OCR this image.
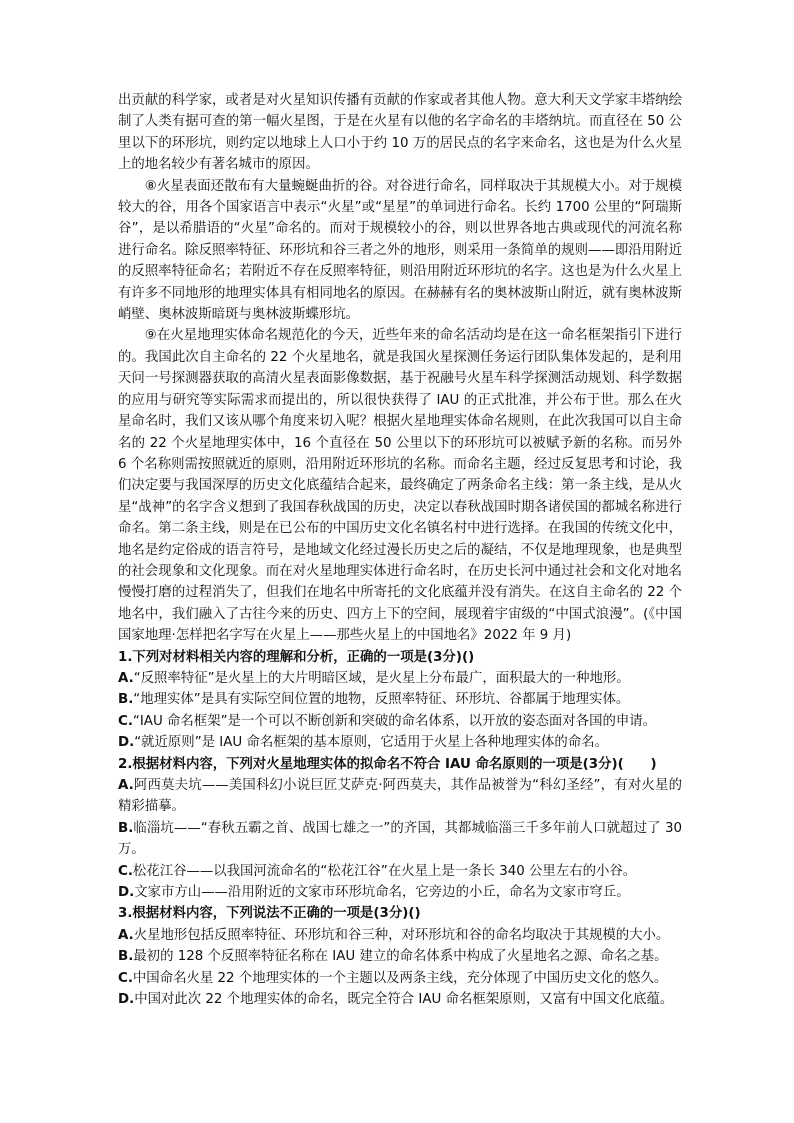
出贡献的科学家，或者是对火星知识传播有贡献的作家或者其他人物。意大利天文学家丰塔纳绘制了人类有据可查的第一幅火星图，于是在火星有以他的名字命名的丰塔纳坑。而直径在 50 公里以下的环形坑，则约定以地球上人口小于约 10 万的居民点的名字来命名，这也是为什么火星上的地名较少有著名城市的原因。

⑧火星表面还散布有大量蜿蜒曲折的谷。对谷进行命名，同样取决于其规模大小。对于规模较大的谷，用各个国家语言中表示“火星”或“星星”的单词进行命名。长约 1700 公里的“阿瑞斯谷”，是以希腊语的“火星”命名的。而对于规模较小的谷，则以世界各地古典或现代的河流名称进行命名。除反照率特征、环形坑和谷三者之外的地形，则采用一条简单的规则——即沿用附近的反照率特征命名；若附近不存在反照率特征，则沿用附近环形坑的名字。这也是为什么火星上有许多不同地形的地理实体具有相同地名的原因。在赫赫有名的奥林波斯山附近，就有奥林波斯峭壁、奥林波斯暗斑与奥林波斯蝶形坑。

⑨在火星地理实体命名规范化的今天，近些年来的命名活动均是在这一命名框架指引下进行的。我国此次自主命名的 22 个火星地名，就是我国火星探测任务运行团队集体发起的，是利用天问一号探测器获取的高清火星表面影像数据，基于祝融号火星车科学探测活动规划、科学数据的应用与研究等实际需求而提出的，所以很快获得了 IAU 的正式批准，并公布于世。那么在火星命名时，我们又该从哪个角度来切入呢？根据火星地理实体命名规则，在此次我国可以自主命名的 22 个火星地理实体中，16 个直径在 50 公里以下的环形坑可以被赋予新的名称。而另外 6 个名称则需按照就近的原则，沿用附近环形坑的名称。而命名主题，经过反复思考和讨论，我们决定要与我国深厚的历史文化底蕴结合起来，最终确定了两条命名主线：第一条主线，是从火星“战神”的名字含义想到了我国春秋战国的历史，决定以春秋战国时期各诸侯国的都城名称进行命名。第二条主线，则是在已公布的中国历史文化名镇名村中进行选择。在我国的传统文化中，地名是约定俗成的语言符号，是地域文化经过漫长历史之后的凝结，不仅是地理现象，也是典型的社会现象和文化现象。而在对火星地理实体进行命名时，在历史长河中通过社会和文化对地名慢慢打磨的过程消失了，但我们在地名中所寄托的文化底蕴并没有消失。在这自主命名的 22 个地名中，我们融入了古往今来的历史、四方上下的空间，展现着宇宙级的“中国式浪漫”。(《中国国家地理·怎样把名字写在火星上——那些火星上的中国地名》2022 年 9 月)

1.下列对材料相关内容的理解和分析，正确的一项是(3分)()

A.“反照率特征”是火星上的大片明暗区域，是火星上分布最广，面积最大的一种地形。

B.“地理实体”是具有实际空间位置的地物，反照率特征、环形坑、谷都属于地理实体。

C.“IAU 命名框架”是一个可以不断创新和突破的命名体系，以开放的姿态面对各国的申请。

D.“就近原则”是 IAU 命名框架的基本原则，它适用于火星上各种地理实体的命名。

2.根据材料内容，下列对火星地理实体的拟命名不符合 IAU 命名原则的一项是(3分)(　　)

A.阿西莫夫坑——美国科幻小说巨匠艾萨克·阿西莫夫，其作品被誉为“科幻圣经”，有对火星的精彩描摹。

B.临淄坑——“春秋五霸之首、战国七雄之一”的齐国，其都城临淄三千多年前人口就超过了 30 万。

C.松花江谷——以我国河流命名的“松花江谷”在火星上是一条长 340 公里左右的小谷。

D.文家市方山——沿用附近的文家市环形坑命名，它旁边的小丘，命名为文家市穹丘。

3.根据材料内容，下列说法不正确的一项是(3分)()

A.火星地形包括反照率特征、环形坑和谷三种，对环形坑和谷的命名均取决于其规模的大小。

B.最初的 128 个反照率特征名称在 IAU 建立的命名体系中构成了火星地名之源、命名之基。

C.中国命名火星 22 个地理实体的一个主题以及两条主线，充分体现了中国历史文化的悠久。

D.中国对此次 22 个地理实体的命名，既完全符合 IAU 命名框架原则，又富有中国文化底蕴。
